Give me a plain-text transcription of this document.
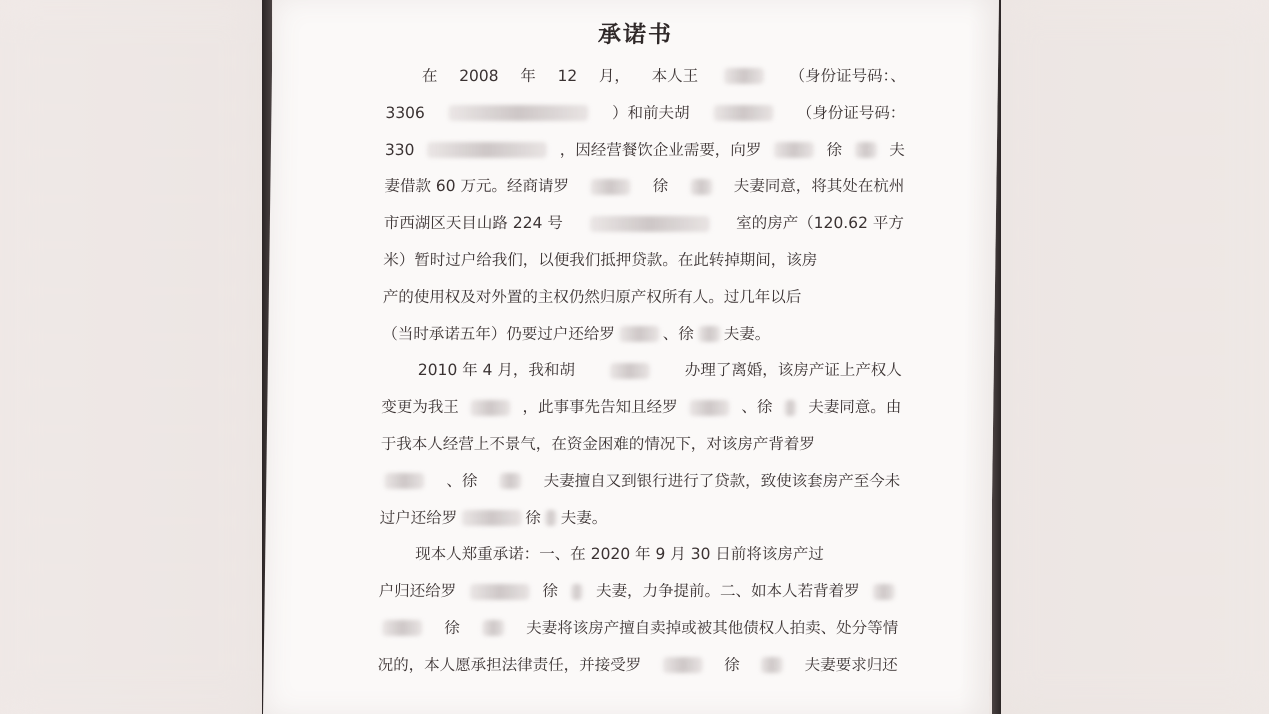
承诺书
在 2008 年 12 月， 本人王	（身份证号码：、
3306	）和前夫胡	（身份证号码：
330	，因经营餐饮企业需要，向罗	徐	夫
妻借款 60 万元。经商请罗	徐	夫妻同意，将其处在杭州
市西湖区天目山路 224 号	室的房产（120.62 平方
米）暂时过户给我们，以便我们抵押贷款。在此转掉期间，该房
产的使用权及对外置的主权仍然归原产权所有人。过几年以后
（当时承诺五年）仍要过户还给罗	、徐 夫妻。
2010 年 4 月，我和胡	办理了离婚，该房产证上产权人
变更为我王	，此事事先告知且经罗	、徐 夫妻同意。由
于我本人经营上不景气，在资金困难的情况下，对该房产背着罗
、徐	夫妻擅自又到银行进行了贷款，致使该套房产至今未
过户还给罗	徐 夫妻。
现本人郑重承诺：一、在 2020 年 9 月 30 日前将该房产过
户归还给罗	徐 夫妻，力争提前。二、如本人若背着罗
徐	夫妻将该房产擅自卖掉或被其他债权人拍卖、处分等情
况的，本人愿承担法律责任，并接受罗	徐	夫妻要求归还
